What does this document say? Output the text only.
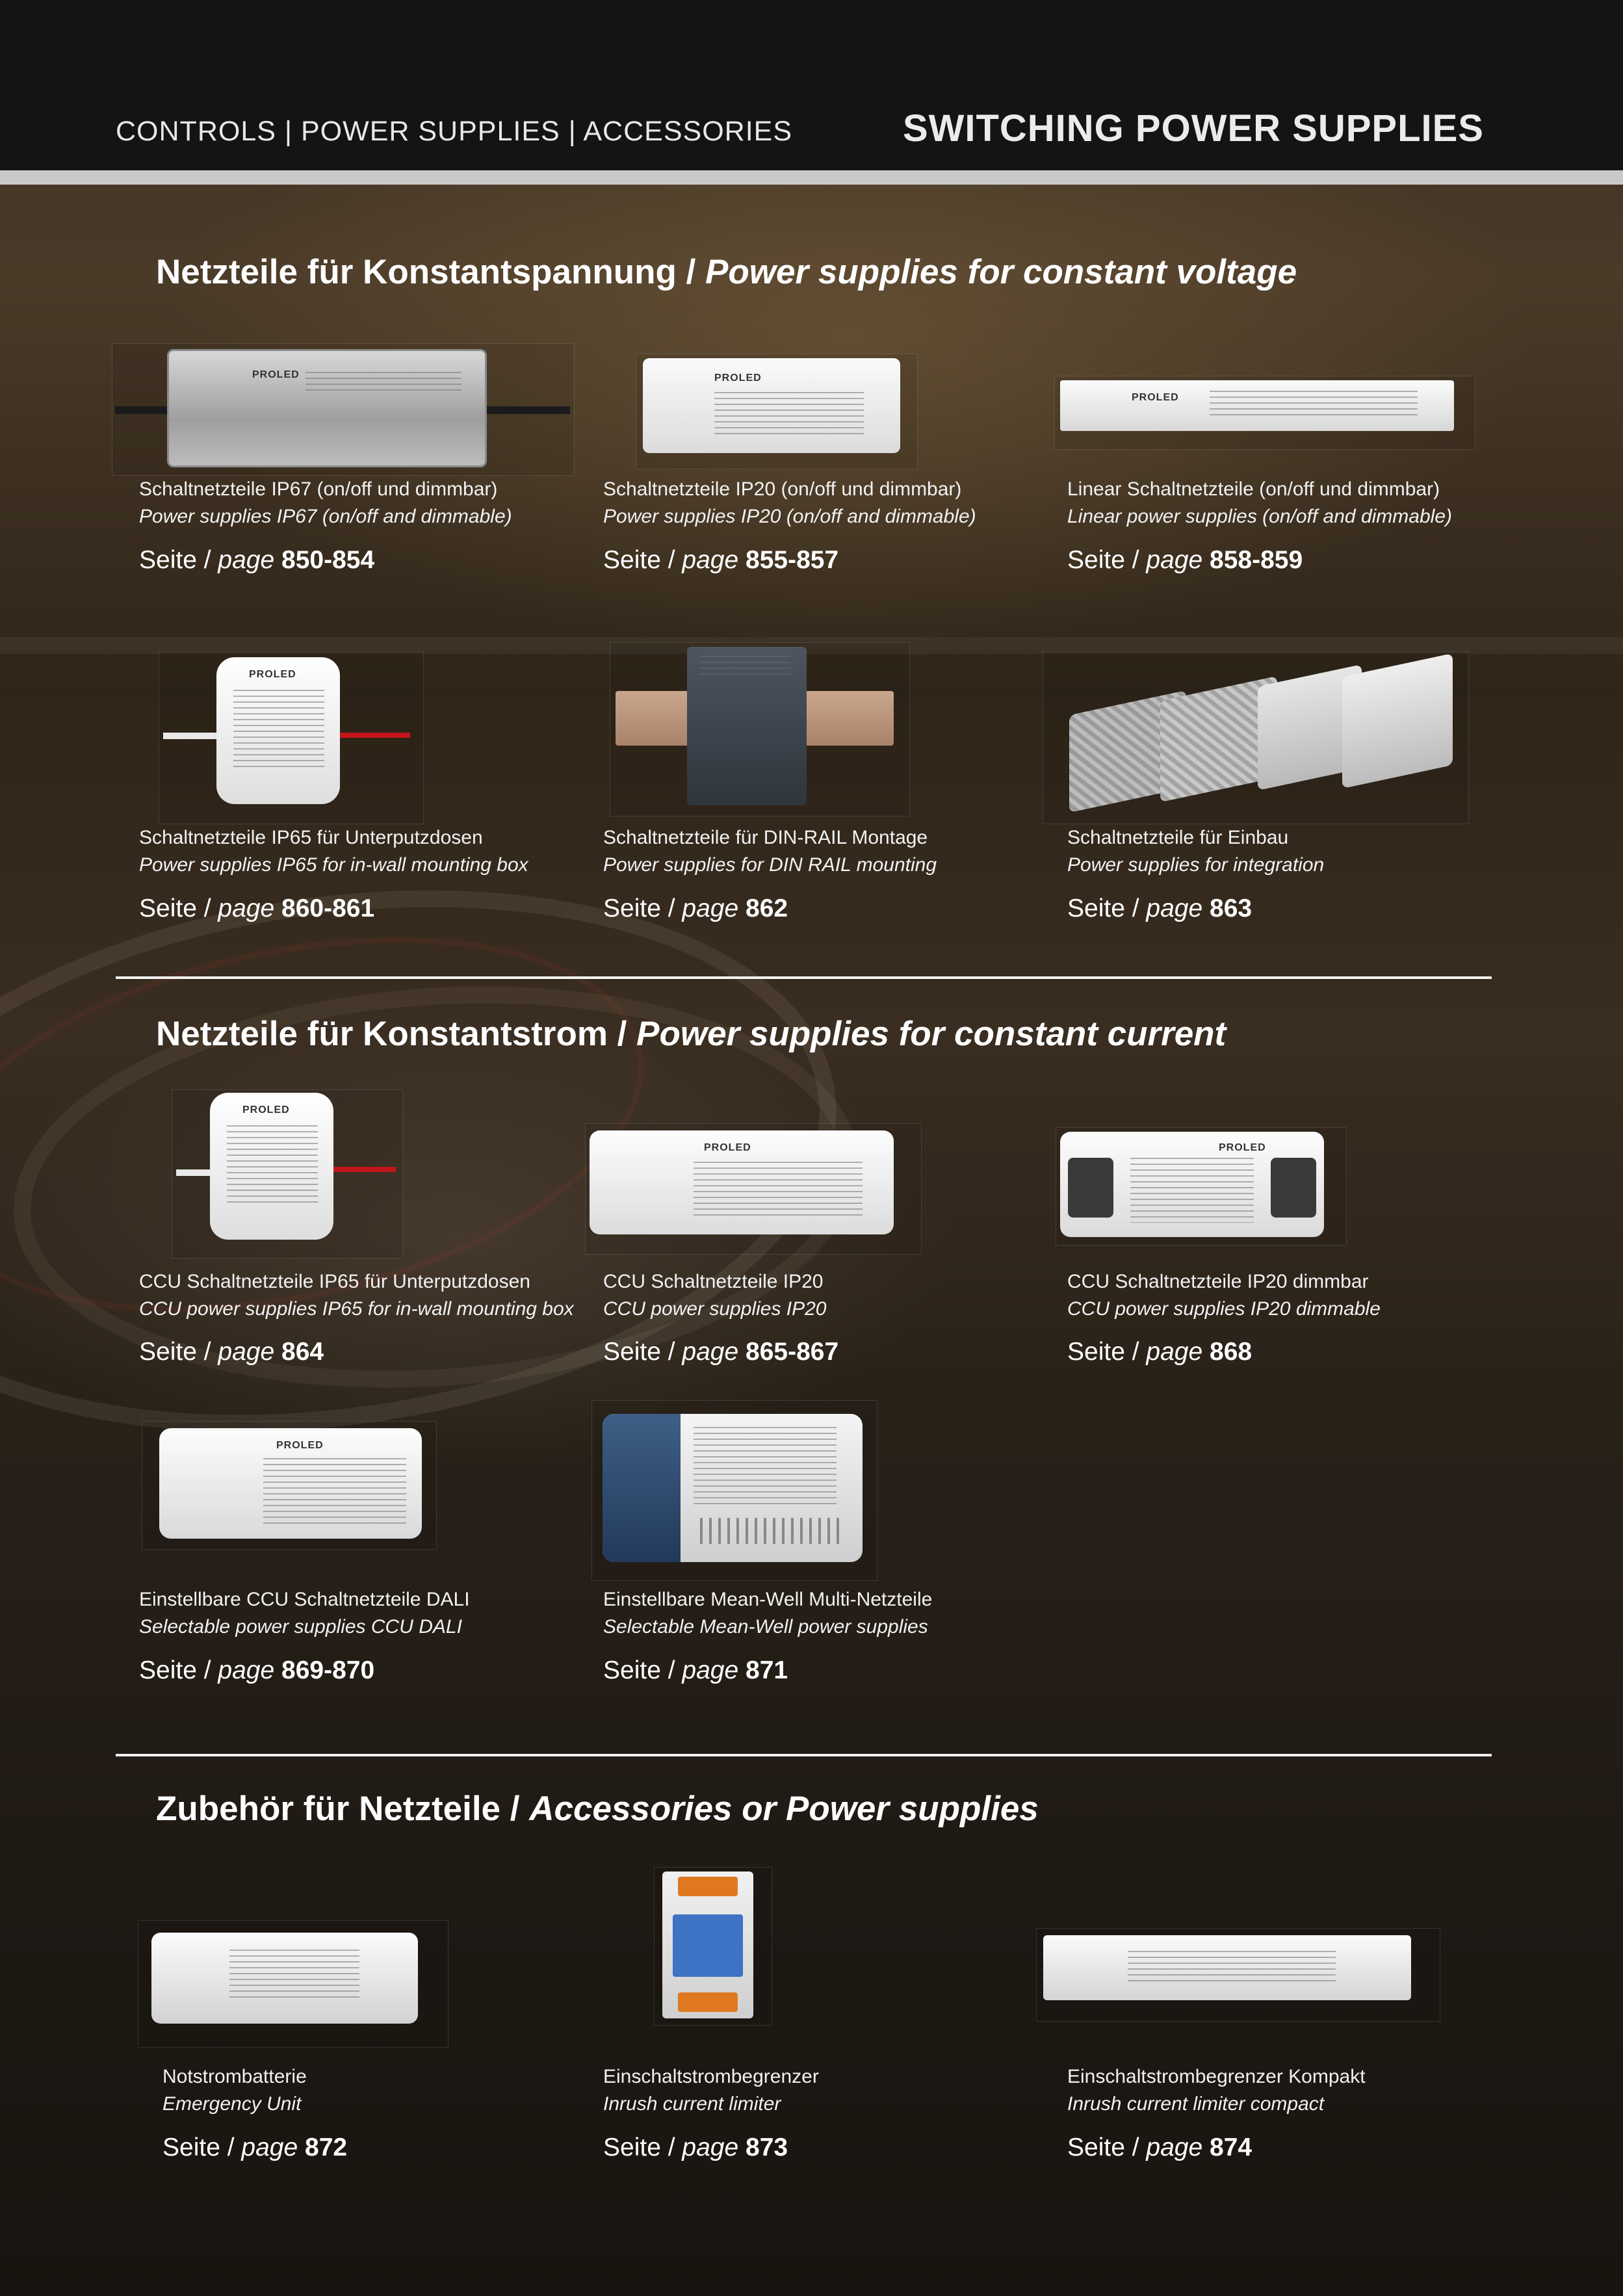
CONTROLS | POWER SUPPLIES | ACCESSORIES	SWITCHING POWER SUPPLIES
Netzteile für Konstantspannung / Power supplies for constant voltage
PROLED
Schaltnetzteile IP67 (on/off und dimmbar)
Power supplies IP67 (on/off and dimmable)
Seite / page 850-854
PROLED
Schaltnetzteile IP20 (on/off und dimmbar)
Power supplies IP20 (on/off and dimmable)
Seite / page 855-857
PROLED
Linear Schaltnetzteile (on/off und dimmbar)
Linear power supplies (on/off and dimmable)
Seite / page 858-859
PROLED
Schaltnetzteile IP65 für Unterputzdosen
Power supplies IP65 for in-wall mounting box
Seite / page 860-861
Schaltnetzteile für DIN-RAIL Montage
Power supplies for DIN RAIL mounting
Seite / page 862
Schaltnetzteile für Einbau
Power supplies for integration
Seite / page 863
Netzteile für Konstantstrom / Power supplies for constant current
PROLED
CCU Schaltnetzteile IP65 für Unterputzdosen
CCU power supplies IP65 for in-wall mounting box
Seite / page 864
PROLED
CCU Schaltnetzteile IP20
CCU power supplies IP20
Seite / page 865-867
PROLED
CCU Schaltnetzteile IP20 dimmbar
CCU power supplies IP20 dimmable
Seite / page 868
PROLED
Einstellbare CCU Schaltnetzteile DALI
Selectable power supplies CCU DALI
Seite / page 869-870
Einstellbare Mean-Well Multi-Netzteile
Selectable Mean-Well power supplies
Seite / page 871
Zubehör für Netzteile / Accessories or Power supplies
Notstrombatterie
Emergency Unit
Seite / page 872
Einschaltstrombegrenzer
Inrush current limiter
Seite / page 873
Einschaltstrombegrenzer Kompakt
Inrush current limiter compact
Seite / page 874
